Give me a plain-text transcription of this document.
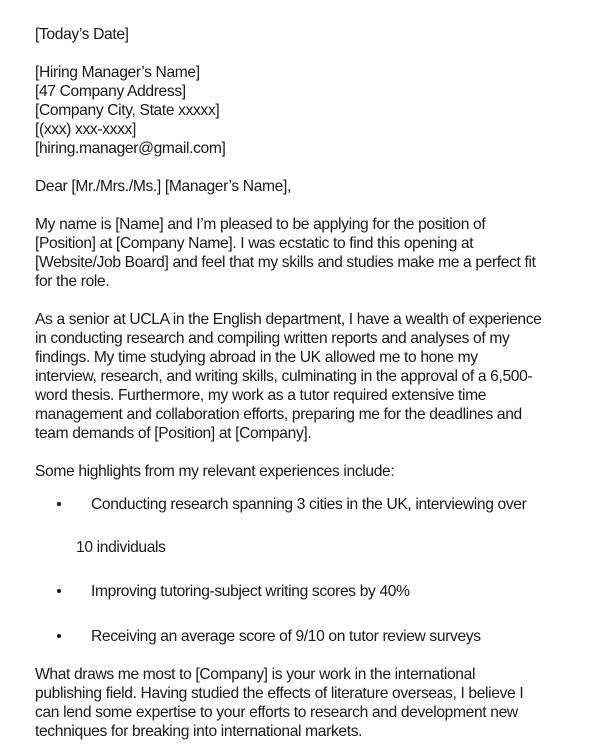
[Today’s Date]
[Hiring Manager’s Name]
[47 Company Address]
[Company City, State xxxxx]
[(xxx) xxx-xxxx]
[hiring.manager@gmail.com]
Dear [Mr./Mrs./Ms.] [Manager’s Name],
My name is [Name] and I’m pleased to be applying for the position of
[Position] at [Company Name]. I was ecstatic to find this opening at
[Website/Job Board] and feel that my skills and studies make me a perfect fit
for the role.
As a senior at UCLA in the English department, I have a wealth of experience
in conducting research and compiling written reports and analyses of my
findings. My time studying abroad in the UK allowed me to hone my
interview, research, and writing skills, culminating in the approval of a 6,500-
word thesis. Furthermore, my work as a tutor required extensive time
management and collaboration efforts, preparing me for the deadlines and
team demands of [Position] at [Company].
Some highlights from my relevant experiences include:
Conducting research spanning 3 cities in the UK, interviewing over
10 individuals
Improving tutoring-subject writing scores by 40%
Receiving an average score of 9/10 on tutor review surveys
What draws me most to [Company] is your work in the international
publishing field. Having studied the effects of literature overseas, I believe I
can lend some expertise to your efforts to research and development new
techniques for breaking into international markets.
